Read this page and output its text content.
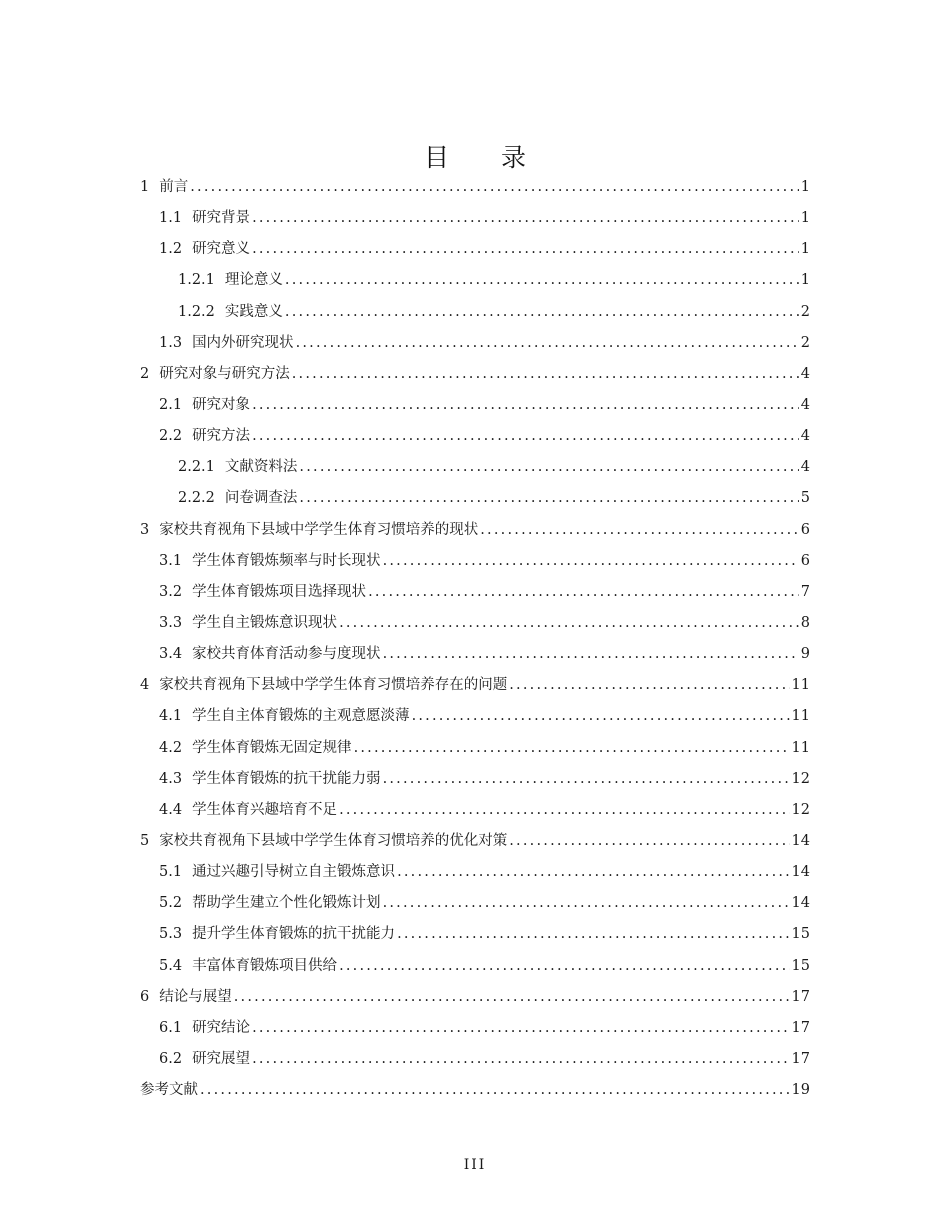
目 录
1 前言 .....	1
1.1 研究背景 .....	1
1.2 研究意义 .....	1
1.2.1 理论意义 .....	1
1.2.2 实践意义 .....	2
1.3 国内外研究现状 .....	2
2 研究对象与研究方法 .....	4
2.1 研究对象 .....	4
2.2 研究方法 .....	4
2.2.1 文献资料法 .....	4
2.2.2 问卷调查法 .....	5
3 家校共育视角下县域中学学生体育习惯培养的现状 .....	6
3.1 学生体育锻炼频率与时长现状 .....	6
3.2 学生体育锻炼项目选择现状 .....	7
3.3 学生自主锻炼意识现状 .....	8
3.4 家校共育体育活动参与度现状 .....	9
4 家校共育视角下县域中学学生体育习惯培养存在的问题 .....	11
4.1 学生自主体育锻炼的主观意愿淡薄 .....	11
4.2 学生体育锻炼无固定规律 .....	11
4.3 学生体育锻炼的抗干扰能力弱 .....	12
4.4 学生体育兴趣培育不足 .....	12
5 家校共育视角下县域中学学生体育习惯培养的优化对策 .....	14
5.1 通过兴趣引导树立自主锻炼意识 .....	14
5.2 帮助学生建立个性化锻炼计划 .....	14
5.3 提升学生体育锻炼的抗干扰能力 .....	15
5.4 丰富体育锻炼项目供给 .....	15
6 结论与展望 .....	17
6.1 研究结论 .....	17
6.2 研究展望 .....	17
参考文献 .....	19
III
